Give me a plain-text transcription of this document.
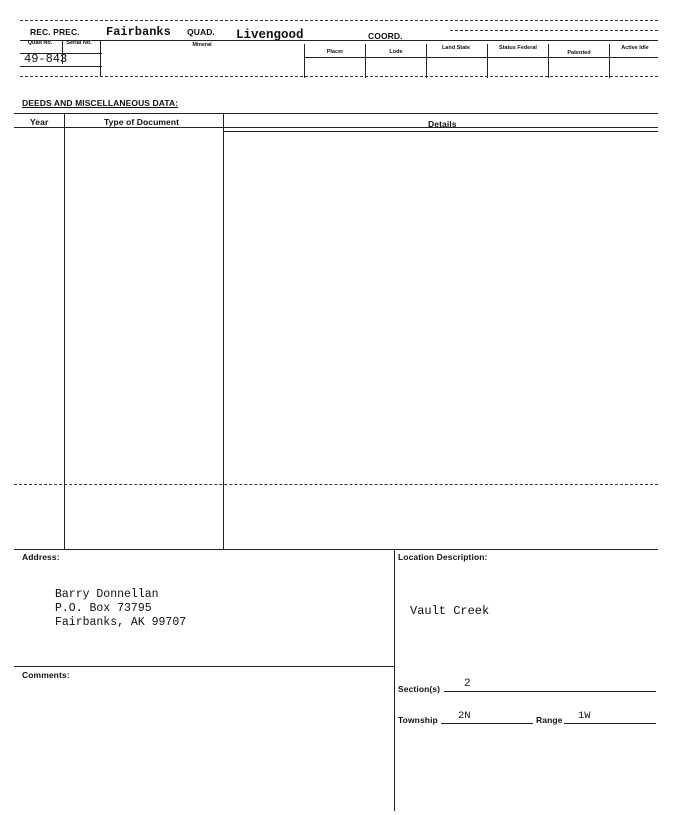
REC. PREC. Fairbanks QUAD. Livengood	COORD.
Quad No.	Serial No.	Mineral
Placer	Lode
Land State	Status Federal
Patented
Active Idle
49-843
DEEDS AND MISCELLANEOUS DATA:
Year	Type of Document	Details
Address:
Barry Donnellan
P.O. Box 73795
Fairbanks, AK 99707
Comments:
Location Description:
Vault Creek
Section(s) 2
Township 2N	Range 1W
